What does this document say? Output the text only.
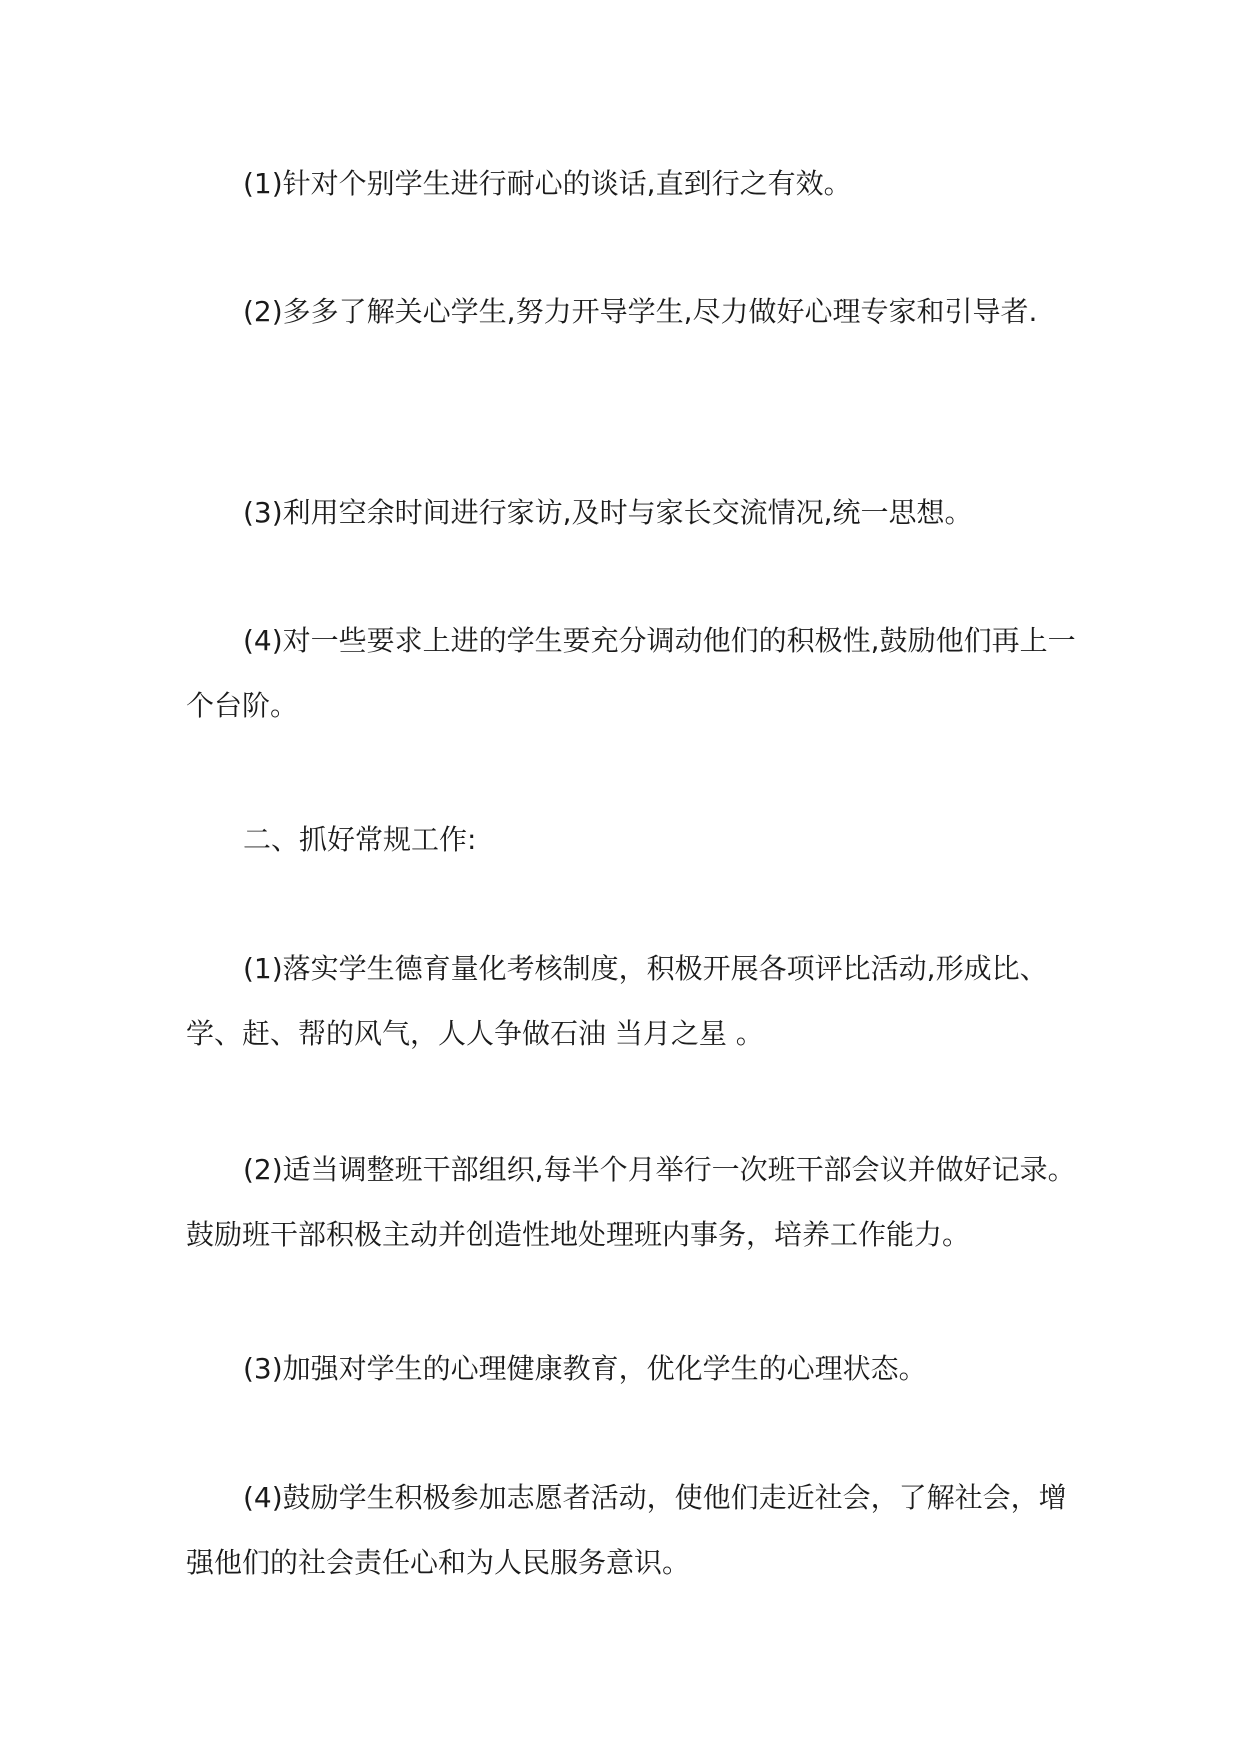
(1)针对个别学生进行耐心的谈话,直到行之有效。

(2)多多了解关心学生,努力开导学生,尽力做好心理专家和引导者.

(3)利用空余时间进行家访,及时与家长交流情况,统一思想。

(4)对一些要求上进的学生要充分调动他们的积极性,鼓励他们再上一个台阶。

二、抓好常规工作:

(1)落实学生德育量化考核制度，积极开展各项评比活动,形成比、学、赶、帮的风气，人人争做石油 当月之星 。

(2)适当调整班干部组织,每半个月举行一次班干部会议并做好记录。鼓励班干部积极主动并创造性地处理班内事务，培养工作能力。

(3)加强对学生的心理健康教育，优化学生的心理状态。

(4)鼓励学生积极参加志愿者活动，使他们走近社会，了解社会，增强他们的社会责任心和为人民服务意识。
